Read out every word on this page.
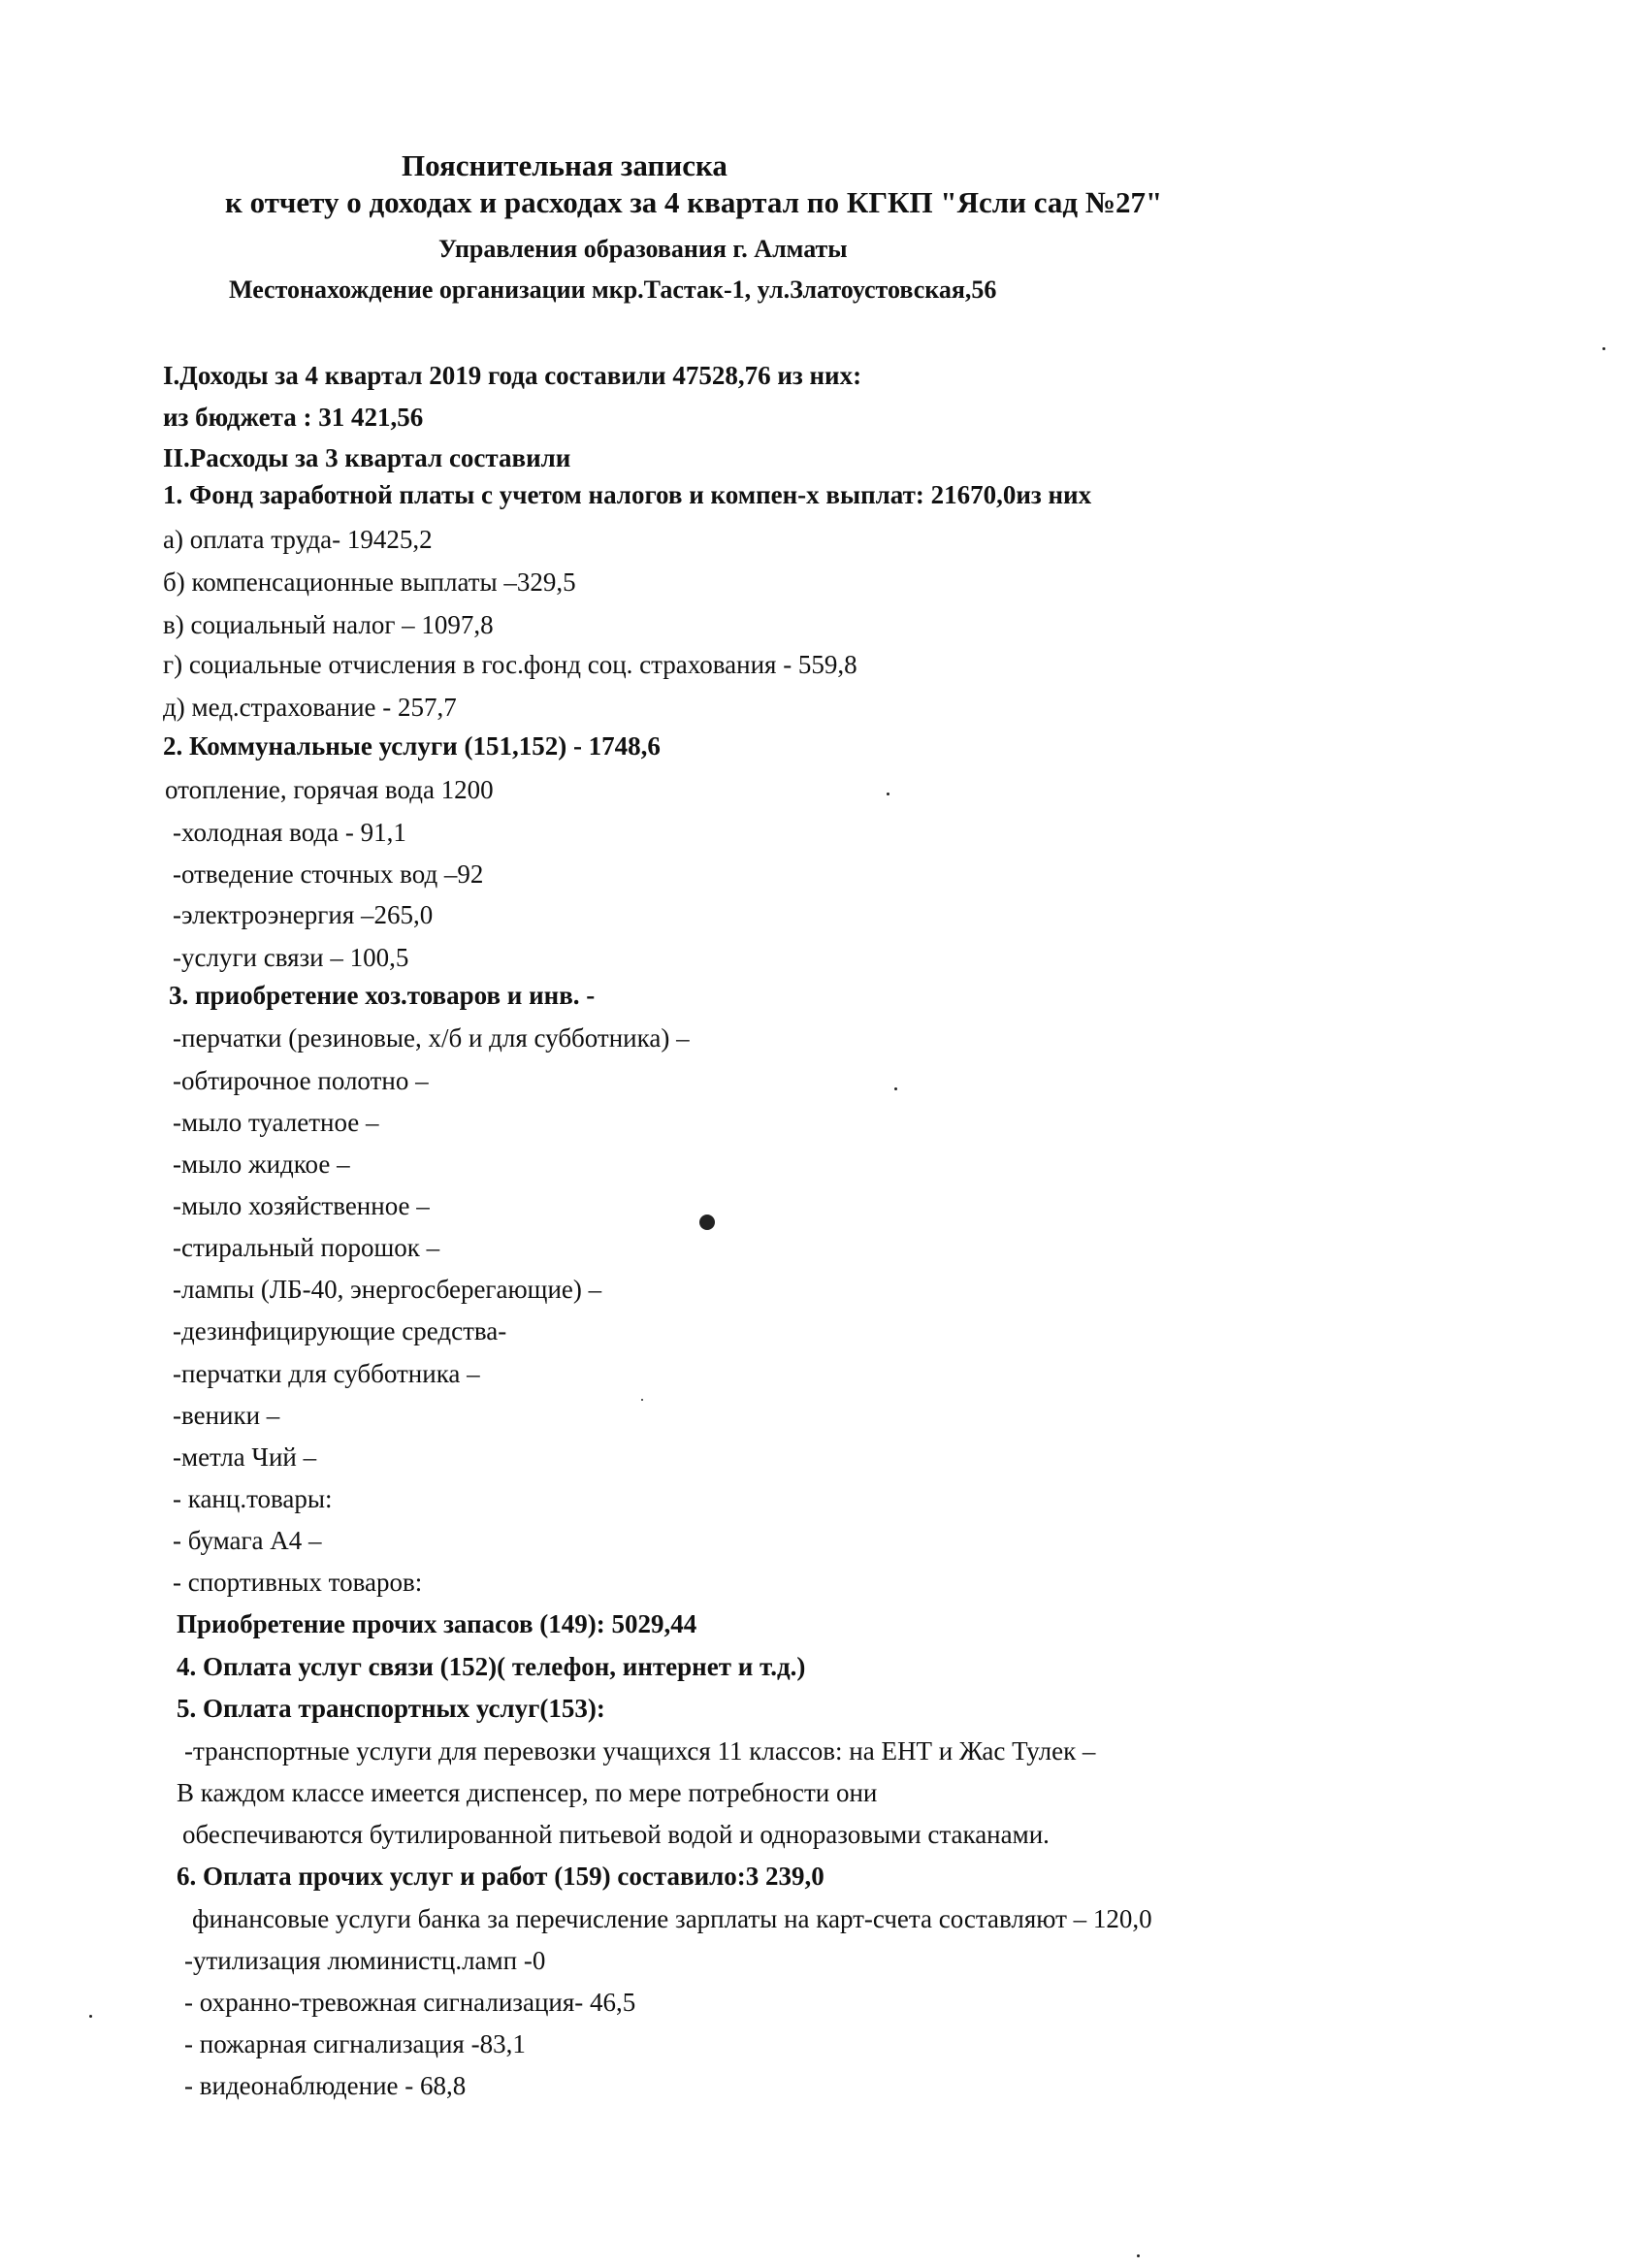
Пояснительная записка
к отчету о доходах и расходах за 4 квартал по КГКП "Ясли сад №27"
Управления образования г. Алматы
Местонахождение организации мкр.Тастак-1, ул.Златоустовская,56
I.Доходы за 4 квартал 2019 года составили 47528,76 из них:
из бюджета : 31 421,56
II.Расходы за 3 квартал составили
1. Фонд заработной платы с учетом налогов и компен-х выплат: 21670,0из них
а) оплата труда- 19425,2
б) компенсационные выплаты –329,5
в) социальный налог – 1097,8
г) социальные отчисления в гос.фонд соц. страхования - 559,8
д) мед.страхование - 257,7
2. Коммунальные услуги (151,152) - 1748,6
отопление, горячая вода 1200
-холодная вода - 91,1
-отведение сточных вод –92
-электроэнергия –265,0
-услуги связи – 100,5
3. приобретение хоз.товаров и инв. -
-перчатки (резиновые, х/б и для субботника) –
-обтирочное полотно –
-мыло туалетное –
-мыло жидкое –
-мыло хозяйственное –
-стиральный порошок –
-лампы (ЛБ-40, энергосберегающие) –
-дезинфицирующие средства-
-перчатки для субботника –
-веники –
-метла Чий –
- канц.товары:
- бумага А4 –
- спортивных товаров:
Приобретение прочих запасов (149): 5029,44
4. Оплата услуг связи (152)( телефон, интернет и т.д.)
5. Оплата транспортных услуг(153):
-транспортные услуги для перевозки учащихся 11 классов: на ЕНТ и Жас Тулек –
В каждом классе имеется диспенсер, по мере потребности они
обеспечиваются бутилированной питьевой водой и одноразовыми стаканами.
6. Оплата прочих услуг и работ (159) составило:3 239,0
финансовые услуги банка за перечисление зарплаты на карт-счета составляют – 120,0
-утилизация люминистц.ламп -0
- охранно-тревожная сигнализация- 46,5
- пожарная сигнализация -83,1
- видеонаблюдение - 68,8
